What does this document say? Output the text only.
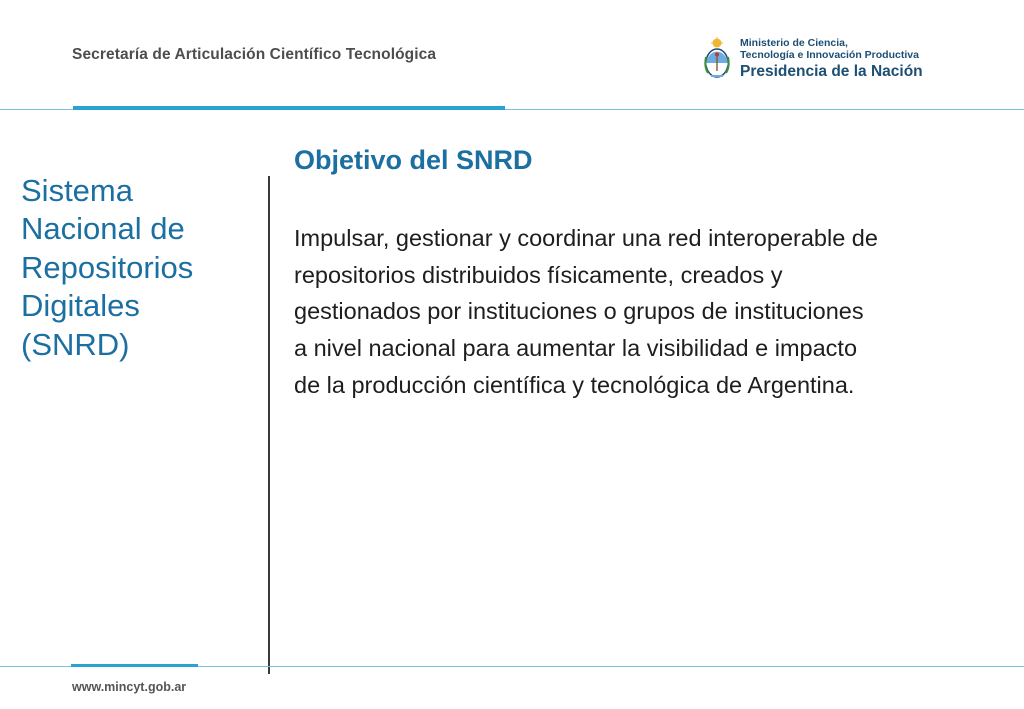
Secretaría de Articulación Científico Tecnológica
Ministerio de Ciencia,
Tecnología e Innovación Productiva
Presidencia de la Nación
Sistema
Nacional de
Repositorios
Digitales
(SNRD)
Objetivo del SNRD
Impulsar, gestionar y coordinar una red interoperable de
repositorios distribuidos físicamente, creados y
gestionados por instituciones o grupos de instituciones
a nivel nacional para aumentar la visibilidad e impacto
de la producción científica y tecnológica de Argentina.
www.mincyt.gob.ar
